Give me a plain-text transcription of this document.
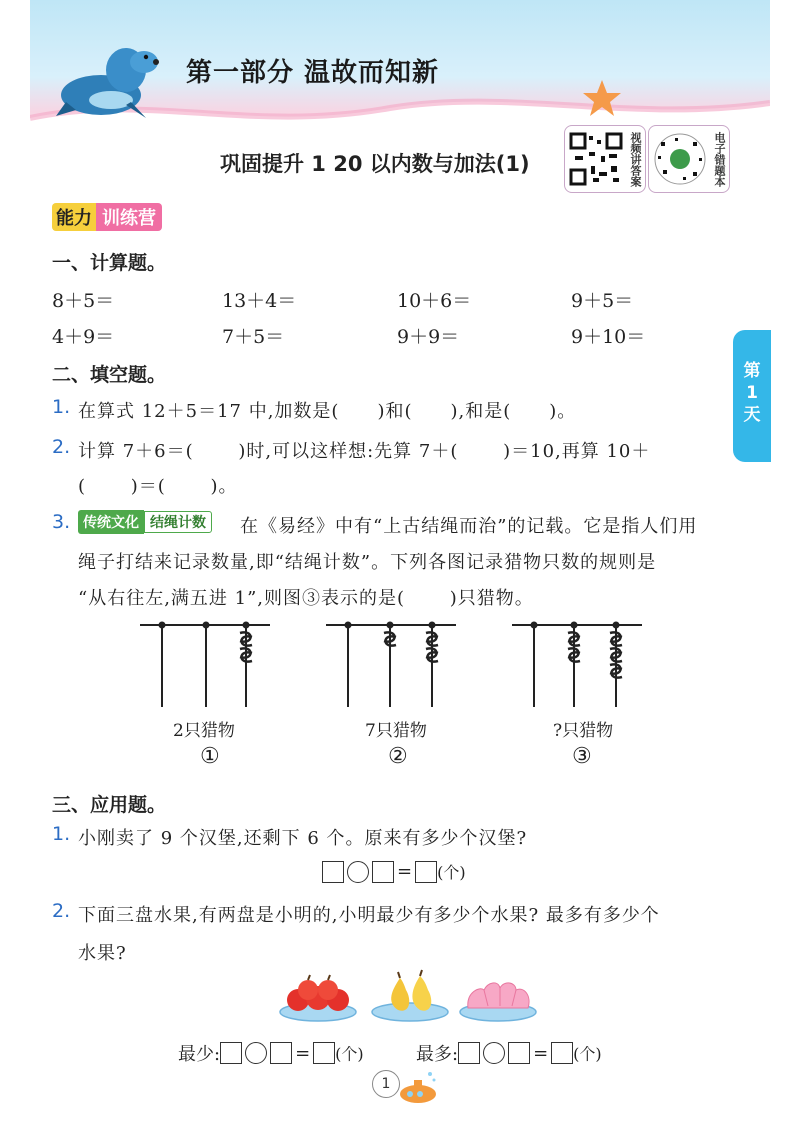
第一部分 温故而知新
巩固提升 1 20 以内数与加法(1)	视频讲答案	电子错题本
第
1
天
能力 训练营
一、计算题。
8＋5＝	13＋4＝	10＋6＝	9＋5＝
4＋9＝	7＋5＝	9＋9＝	9＋10＝
二、填空题。
1. 在算式 12＋5＝17 中,加数是(　　)和(　　),和是(　　)。
2. 计算 7＋6＝(　　 )时,可以这样想:先算 7＋(　　 )＝10,再算 10＋
(　　 )＝(　　 )。
3. 传统文化 结绳计数	在《易经》中有“上古结绳而治”的记载。它是指人们用
绳子打结来记录数量,即“结绳计数”。下列各图记录猎物只数的规则是
“从右往左,满五进 1”,则图③表示的是(　　 )只猎物。
2只猎物	7只猎物	?只猎物
①	②	③
三、应用题。
1. 小刚卖了 9 个汉堡,还剩下 6 个。原来有多少个汉堡?
= (个)
2. 下面三盘水果,有两盘是小明的,小明最少有多少个水果? 最多有多少个
水果?
最少:	= (个)	最多:	= (个)
1
